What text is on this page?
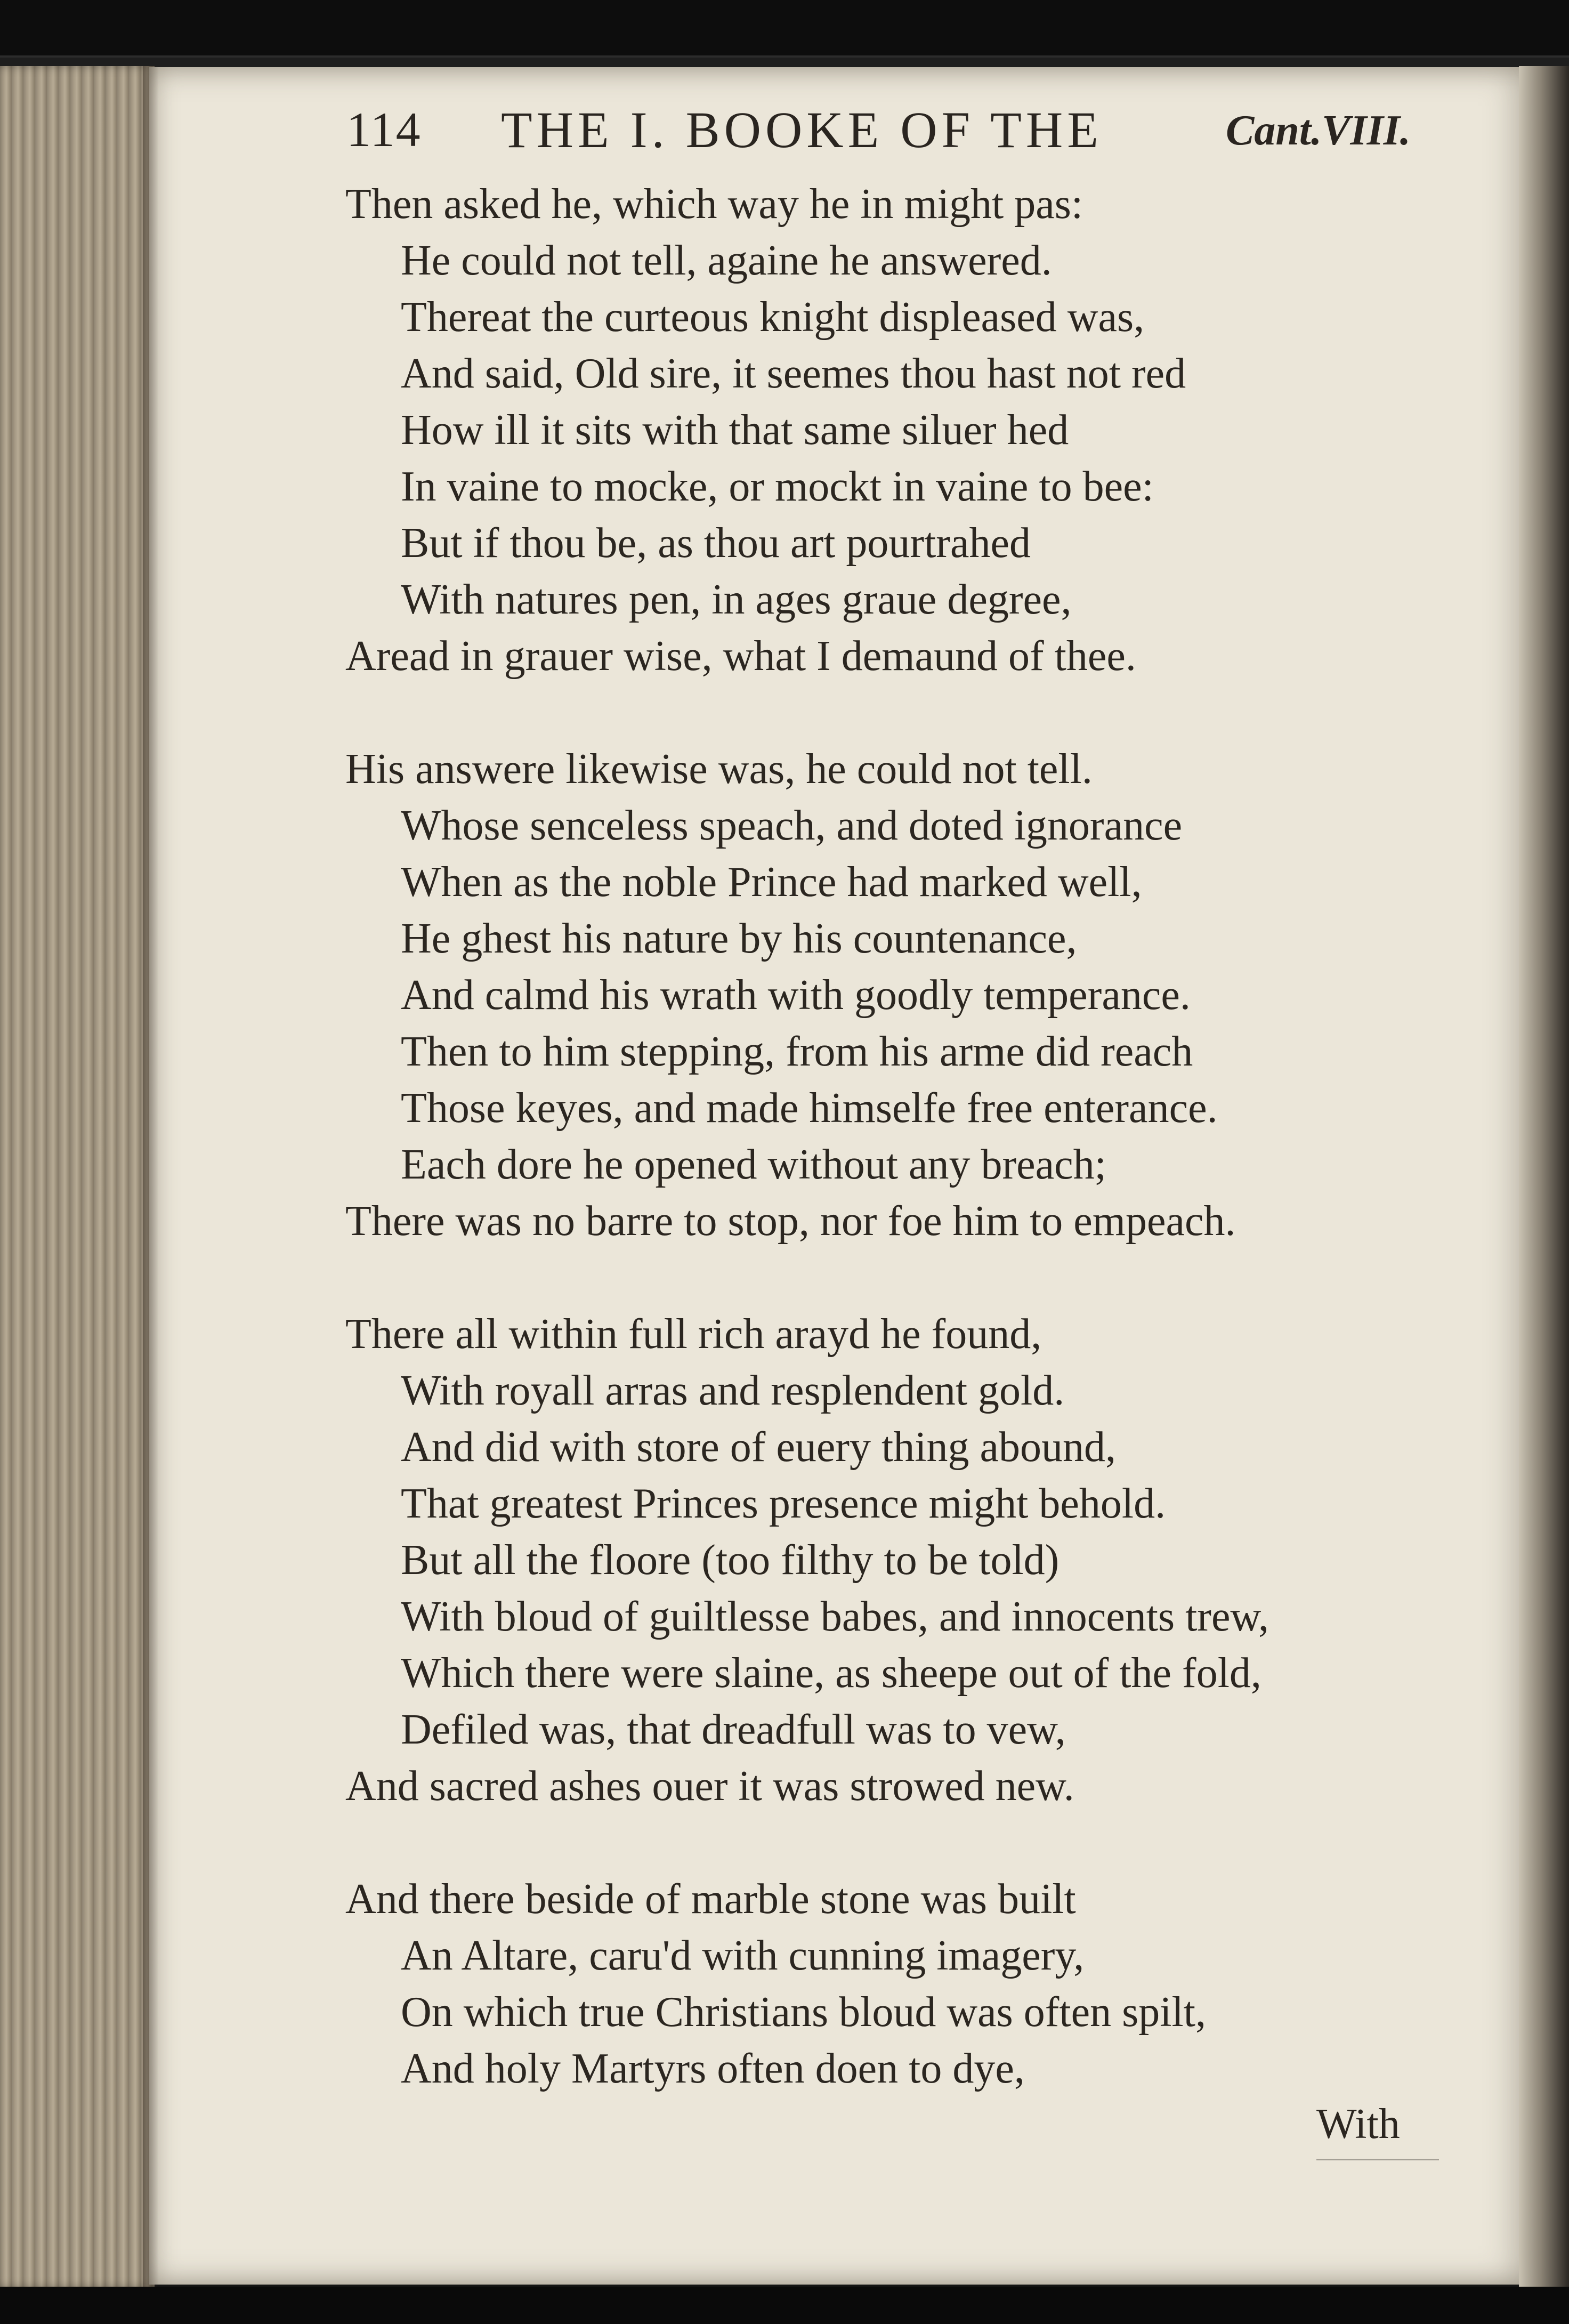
114 THE I. BOOKE OF THE	Cant.VIII.
Then asked he, which way he in might pas:
He could not tell, againe he answered.
Thereat the curteous knight displeased was,
And said, Old sire, it seemes thou hast not red
How ill it sits with that same siluer hed
In vaine to mocke, or mockt in vaine to bee:
But if thou be, as thou art pourtrahed
With natures pen, in ages graue degree,
Aread in grauer wise, what I demaund of thee.
His answere likewise was, he could not tell.
Whose senceless speach, and doted ignorance
When as the noble Prince had marked well,
He ghest his nature by his countenance,
And calmd his wrath with goodly temperance.
Then to him stepping, from his arme did reach
Those keyes, and made himselfe free enterance.
Each dore he opened without any breach;
There was no barre to stop, nor foe him to empeach.
There all within full rich arayd he found,
With royall arras and resplendent gold.
And did with store of euery thing abound,
That greatest Princes presence might behold.
But all the floore (too filthy to be told)
With bloud of guiltlesse babes, and innocents trew,
Which there were slaine, as sheepe out of the fold,
Defiled was, that dreadfull was to vew,
And sacred ashes ouer it was strowed new.
And there beside of marble stone was built
An Altare, caru'd with cunning imagery,
On which true Christians bloud was often spilt,
And holy Martyrs often doen to dye,
With
